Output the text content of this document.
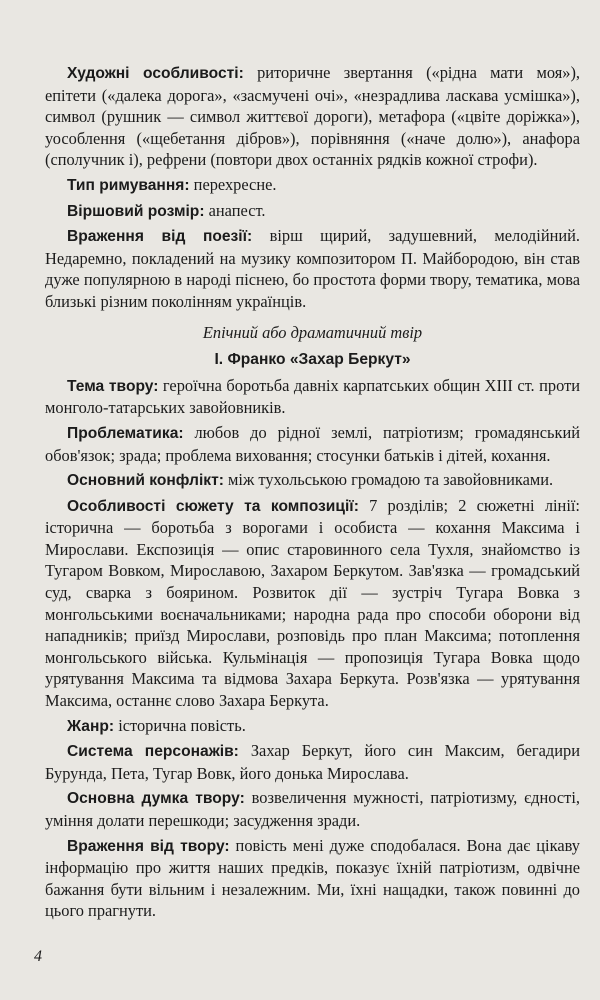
Художні особливості: риторичне звертання («рідна мати моя»), епітети («далека дорога», «засмучені очі», «незрадлива ласкава усмішка»), символ (рушник — символ життєвої дороги), метафора («цвіте доріжка»), уособлення («щебетання дібров»), порівняння («наче долю»), анафора (сполучник і), рефрени (повтори двох останніх рядків кожної строфи).

Тип римування: перехресне.

Віршовий розмір: анапест.

Враження від поезії: вірш щирий, задушевний, мелодійний. Недаремно, покладений на музику композитором П. Майбородою, він став дуже популярною в народі піснею, бо простота форми твору, тематика, мова близькі різним поколінням українців.

Епічний або драматичний твір

І. Франко «Захар Беркут»

Тема твору: героїчна боротьба давніх карпатських общин XIII ст. проти монголо-татарських завойовників.

Проблематика: любов до рідної землі, патріотизм; громадянський обов'язок; зрада; проблема виховання; стосунки батьків і дітей, кохання.

Основний конфлікт: між тухольською громадою та завойовниками.

Особливості сюжету та композиції: 7 розділів; 2 сюжетні лінії: історична — боротьба з ворогами і особиста — кохання Максима і Мирослави. Експозиція — опис старовинного села Тухля, знайомство із Тугаром Вовком, Мирославою, Захаром Беркутом. Зав'язка — громадський суд, сварка з боярином. Розвиток дії — зустріч Тугара Вовка з монгольськими воєначальниками; народна рада про способи оборони від нападників; приїзд Мирослави, розповідь про план Максима; потоплення монгольського війська. Кульмінація — пропозиція Тугара Вовка щодо урятування Максима та відмова Захара Беркута. Розв'язка — урятування Максима, останнє слово Захара Беркута.

Жанр: історична повість.

Система персонажів: Захар Беркут, його син Максим, бегадири Бурунда, Пета, Тугар Вовк, його донька Мирослава.

Основна думка твору: возвеличення мужності, патріотизму, єдності, уміння долати перешкоди; засудження зради.

Враження від твору: повість мені дуже сподобалася. Вона дає цікаву інформацію про життя наших предків, показує їхній патріотизм, одвічне бажання бути вільним і незалежним. Ми, їхні нащадки, також повинні до цього прагнути.

4
